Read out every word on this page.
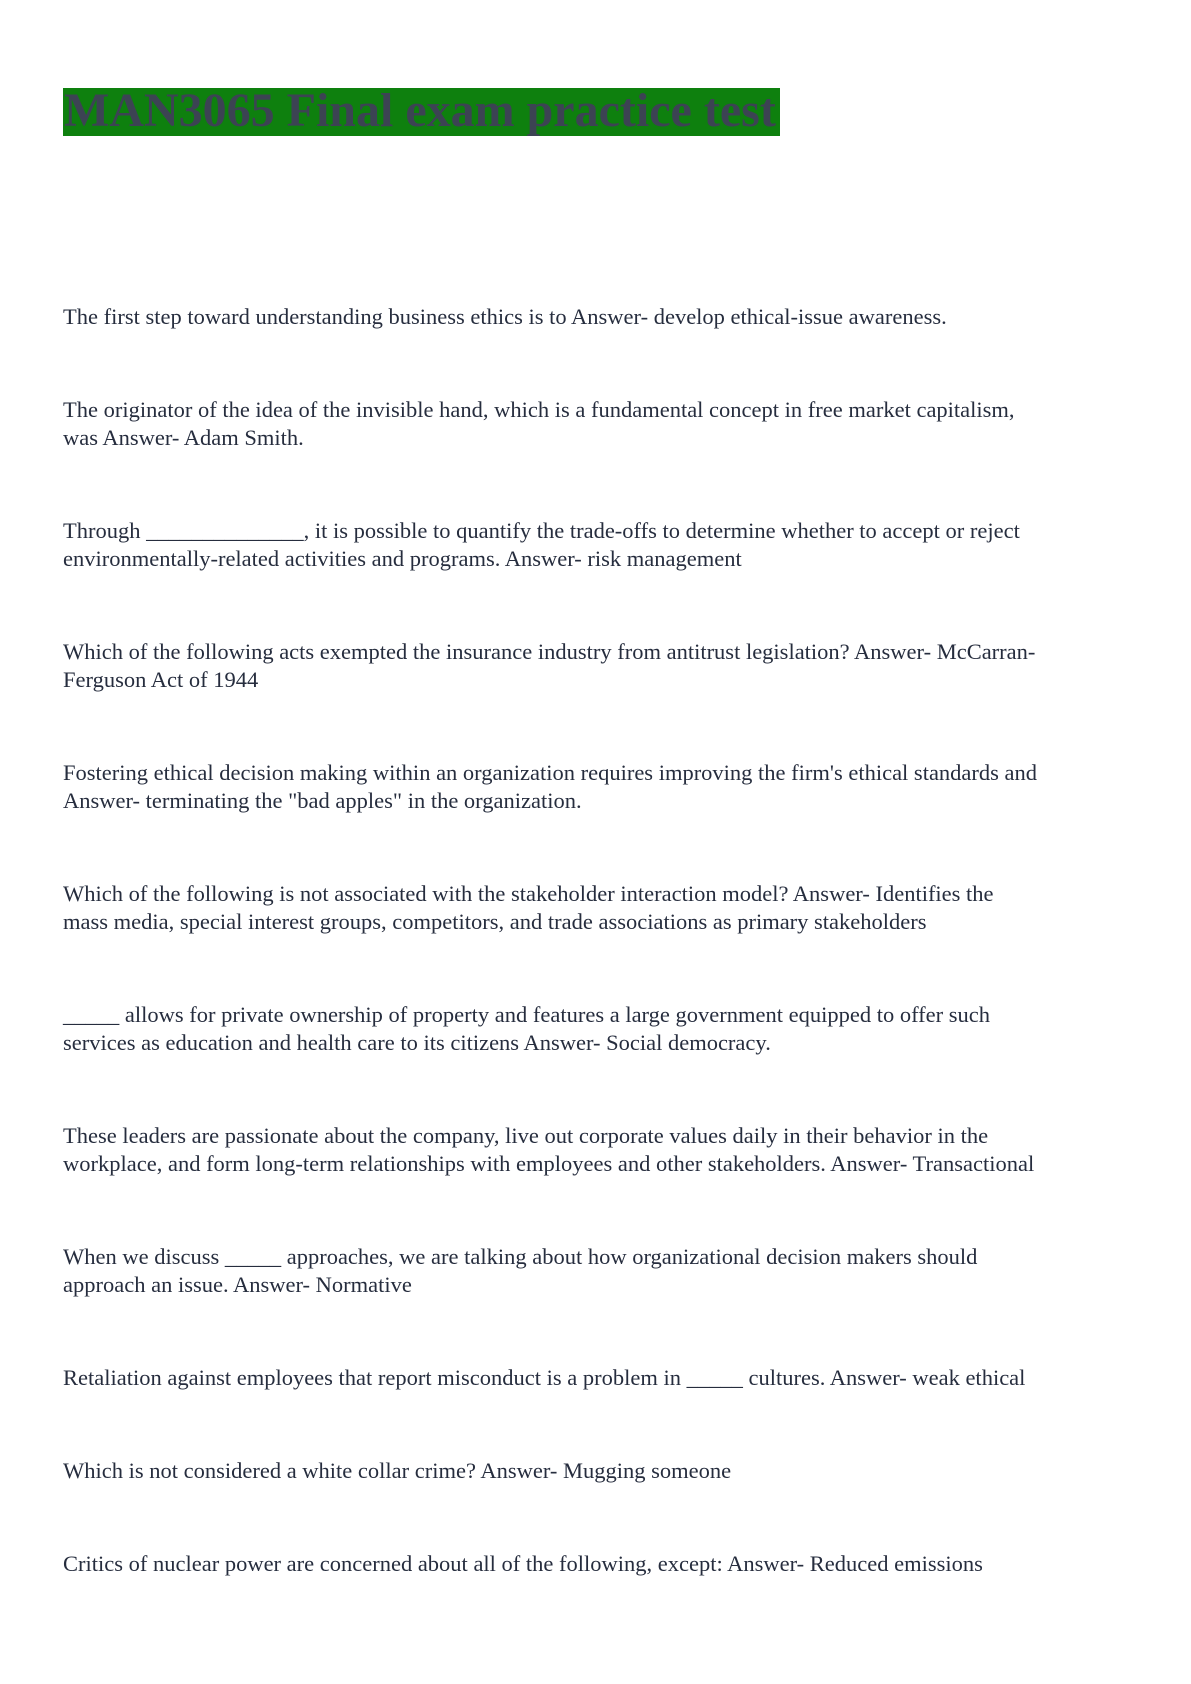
MAN3065 Final exam practice test

The first step toward understanding business ethics is to Answer- develop ethical-issue awareness.

The originator of the idea of the invisible hand, which is a fundamental concept in free market capitalism,
was Answer- Adam Smith.

Through ______________, it is possible to quantify the trade-offs to determine whether to accept or reject
environmentally-related activities and programs. Answer- risk management

Which of the following acts exempted the insurance industry from antitrust legislation? Answer- McCarran-
Ferguson Act of 1944

Fostering ethical decision making within an organization requires improving the firm's ethical standards and
Answer- terminating the "bad apples" in the organization.

Which of the following is not associated with the stakeholder interaction model? Answer- Identifies the
mass media, special interest groups, competitors, and trade associations as primary stakeholders

_____ allows for private ownership of property and features a large government equipped to offer such
services as education and health care to its citizens Answer- Social democracy.

These leaders are passionate about the company, live out corporate values daily in their behavior in the
workplace, and form long-term relationships with employees and other stakeholders. Answer- Transactional

When we discuss _____ approaches, we are talking about how organizational decision makers should
approach an issue. Answer- Normative

Retaliation against employees that report misconduct is a problem in _____ cultures. Answer- weak ethical

Which is not considered a white collar crime? Answer- Mugging someone

Critics of nuclear power are concerned about all of the following, except: Answer- Reduced emissions
